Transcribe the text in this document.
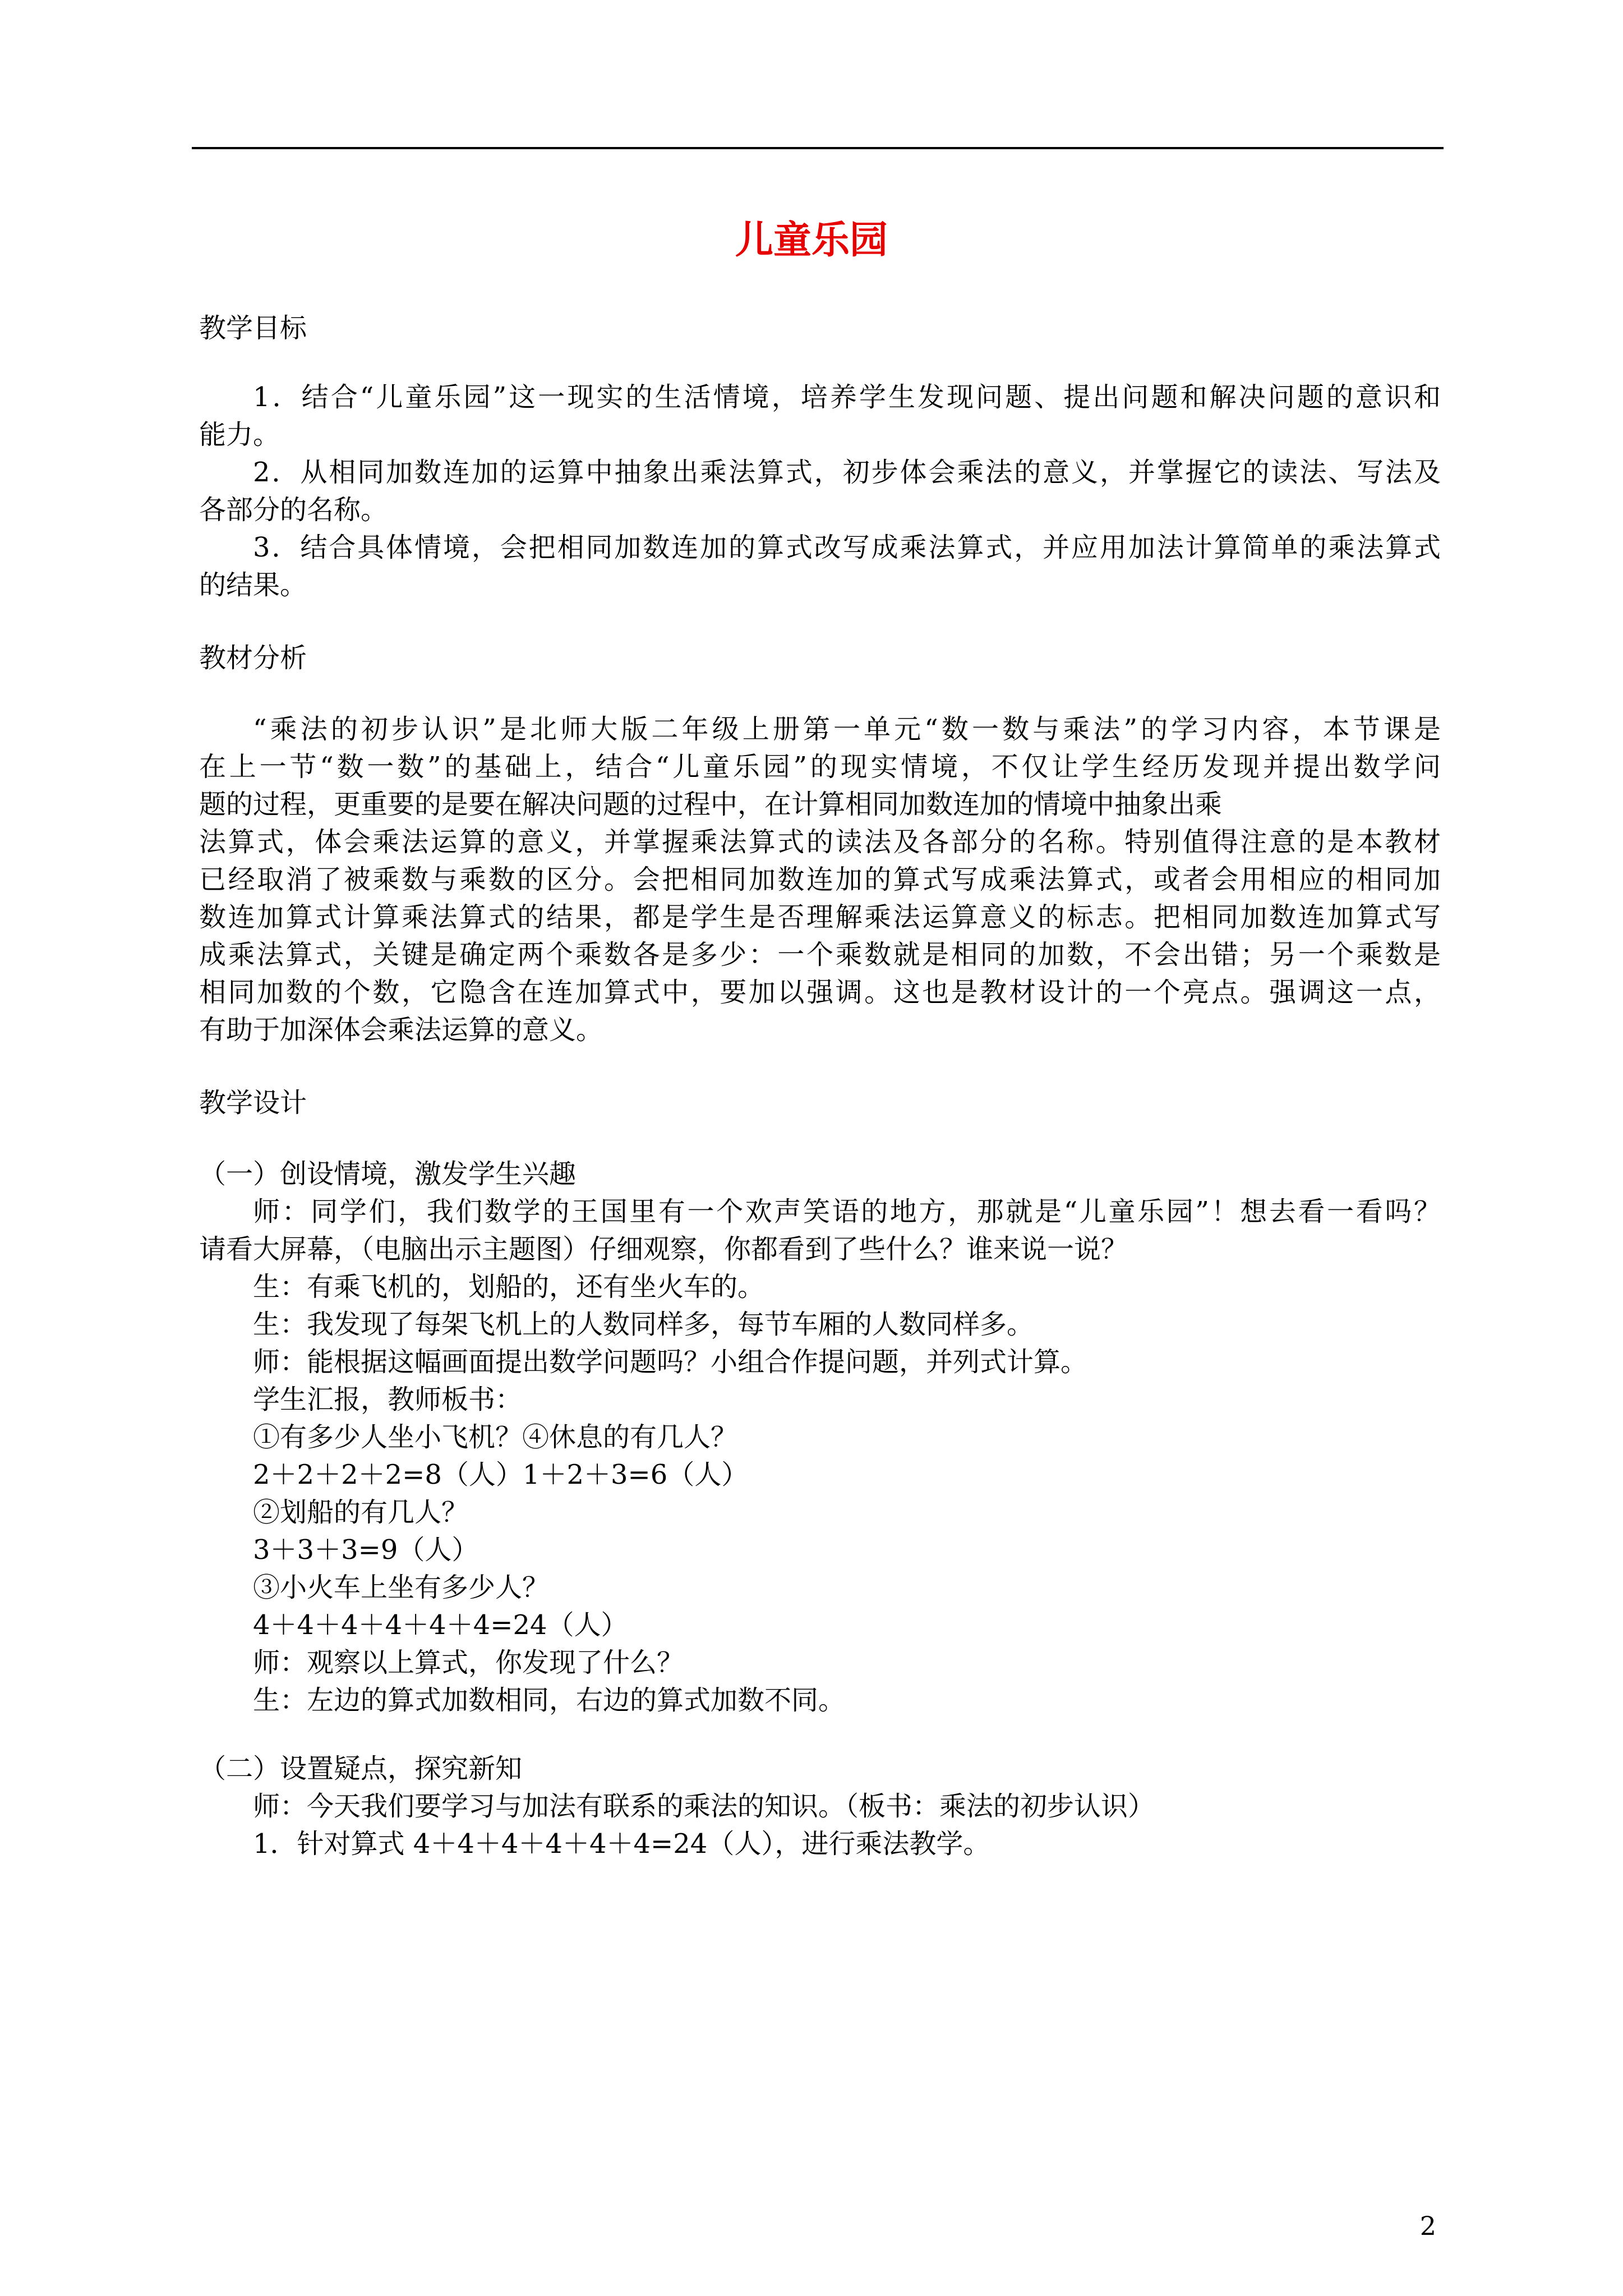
儿童乐园

教学目标

1．结合“儿童乐园”这一现实的生活情境，培养学生发现问题、提出问题和解决问题的意识和

能力。

2．从相同加数连加的运算中抽象出乘法算式，初步体会乘法的意义，并掌握它的读法、写法及

各部分的名称。

3．结合具体情境，会把相同加数连加的算式改写成乘法算式，并应用加法计算简单的乘法算式

的结果。

教材分析

“乘法的初步认识”是北师大版二年级上册第一单元“数一数与乘法”的学习内容，本节课是

在上一节“数一数”的基础上，结合“儿童乐园”的现实情境，不仅让学生经历发现并提出数学问

题的过程，更重要的是要在解决问题的过程中，在计算相同加数连加的情境中抽象出乘

法算式，体会乘法运算的意义，并掌握乘法算式的读法及各部分的名称。特别值得注意的是本教材

已经取消了被乘数与乘数的区分。会把相同加数连加的算式写成乘法算式，或者会用相应的相同加

数连加算式计算乘法算式的结果，都是学生是否理解乘法运算意义的标志。把相同加数连加算式写

成乘法算式，关键是确定两个乘数各是多少：一个乘数就是相同的加数，不会出错；另一个乘数是

相同加数的个数，它隐含在连加算式中，要加以强调。这也是教材设计的一个亮点。强调这一点，

有助于加深体会乘法运算的意义。

教学设计

（一）创设情境，激发学生兴趣

师：同学们，我们数学的王国里有一个欢声笑语的地方，那就是“儿童乐园”！想去看一看吗？

请看大屏幕，（电脑出示主题图）仔细观察，你都看到了些什么？谁来说一说？

生：有乘飞机的，划船的，还有坐火车的。

生：我发现了每架飞机上的人数同样多，每节车厢的人数同样多。

师：能根据这幅画面提出数学问题吗？小组合作提问题，并列式计算。

学生汇报，教师板书：

①有多少人坐小飞机？④休息的有几人？

2＋2＋2＋2=8（人）1＋2＋3=6（人）

②划船的有几人？

3＋3＋3=9（人）

③小火车上坐有多少人？

4＋4＋4＋4＋4＋4=24（人）

师：观察以上算式，你发现了什么？

生：左边的算式加数相同，右边的算式加数不同。

（二）设置疑点，探究新知

师：今天我们要学习与加法有联系的乘法的知识。（板书：乘法的初步认识）

1．针对算式 4＋4＋4＋4＋4＋4=24（人），进行乘法教学。

2
